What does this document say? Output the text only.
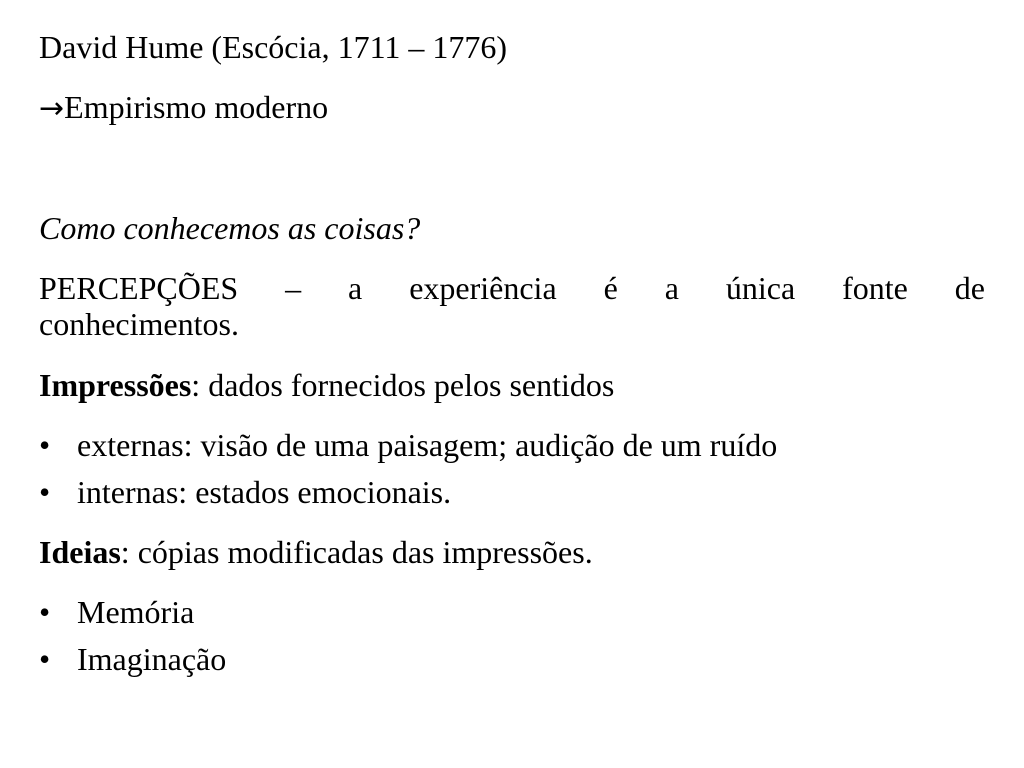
David Hume (Escócia, 1711 – 1776)
→Empirismo moderno
Como conhecemos as coisas?
PERCEPÇÕES – a experiência é a única fonte de
conhecimentos.
Impressões: dados fornecidos pelos sentidos
• externas: visão de uma paisagem; audição de um ruído
• internas: estados emocionais.
Ideias: cópias modificadas das impressões.
• Memória
• Imaginação
